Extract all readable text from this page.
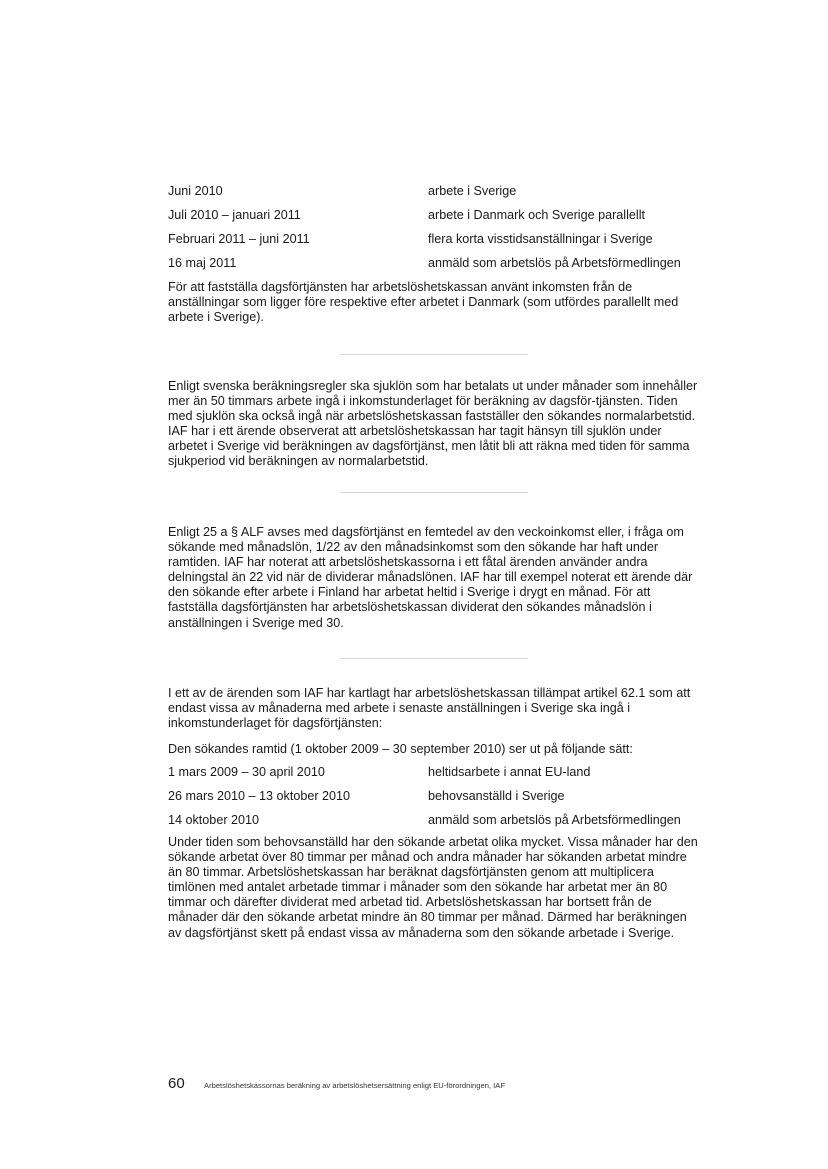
Juni 2010	arbete i Sverige
Juli 2010 – januari 2011	arbete i Danmark och Sverige parallellt
Februari 2011 – juni 2011	flera korta visstidsanställningar i Sverige
16 maj 2011	anmäld som arbetslös på Arbetsförmedlingen

För att fastställa dagsförtjänsten har arbetslöshetskassan använt inkomsten från de anställningar som ligger före respektive efter arbetet i Danmark (som utfördes parallellt med arbete i Sverige).

Enligt svenska beräkningsregler ska sjuklön som har betalats ut under månader som innehåller mer än 50 timmars arbete ingå i inkomstunderlaget för beräkning av dagsför-tjänsten. Tiden med sjuklön ska också ingå när arbetslöshetskassan fastställer den sökandes normalarbetstid. IAF har i ett ärende observerat att arbetslöshetskassan har tagit hänsyn till sjuklön under arbetet i Sverige vid beräkningen av dagsförtjänst, men låtit bli att räkna med tiden för samma sjukperiod vid beräkningen av normalarbetstid.

Enligt 25 a § ALF avses med dagsförtjänst en femtedel av den veckoinkomst eller, i fråga om sökande med månadslön, 1/22 av den månadsinkomst som den sökande har haft under ramtiden. IAF har noterat att arbetslöshetskassorna i ett fåtal ärenden använder andra delningstal än 22 vid när de dividerar månadslönen. IAF har till exempel noterat ett ärende där den sökande efter arbete i Finland har arbetat heltid i Sverige i drygt en månad. För att fastställa dagsförtjänsten har arbetslöshetskassan dividerat den sökandes månadslön i anställningen i Sverige med 30.

I ett av de ärenden som IAF har kartlagt har arbetslöshetskassan tillämpat artikel 62.1 som att endast vissa av månaderna med arbete i senaste anställningen i Sverige ska ingå i inkomstunderlaget för dagsförtjänsten:

Den sökandes ramtid (1 oktober 2009 – 30 september 2010) ser ut på följande sätt:

1 mars 2009 – 30 april 2010	heltidsarbete i annat EU-land
26 mars 2010 – 13 oktober 2010	behovsanställd i Sverige
14 oktober 2010	anmäld som arbetslös på Arbetsförmedlingen

Under tiden som behovsanställd har den sökande arbetat olika mycket. Vissa månader har den sökande arbetat över 80 timmar per månad och andra månader har sökanden arbetat mindre än 80 timmar. Arbetslöshetskassan har beräknat dagsförtjänsten genom att multiplicera timlönen med antalet arbetade timmar i månader som den sökande har arbetat mer än 80 timmar och därefter dividerat med arbetad tid. Arbetslöshetskassan har bortsett från de månader där den sökande arbetat mindre än 80 timmar per månad. Därmed har beräkningen av dagsförtjänst skett på endast vissa av månaderna som den sökande arbetade i Sverige.

60	Arbetslöshetskassornas beräkning av arbetslöshetsersättning enligt EU-förordningen, IAF
